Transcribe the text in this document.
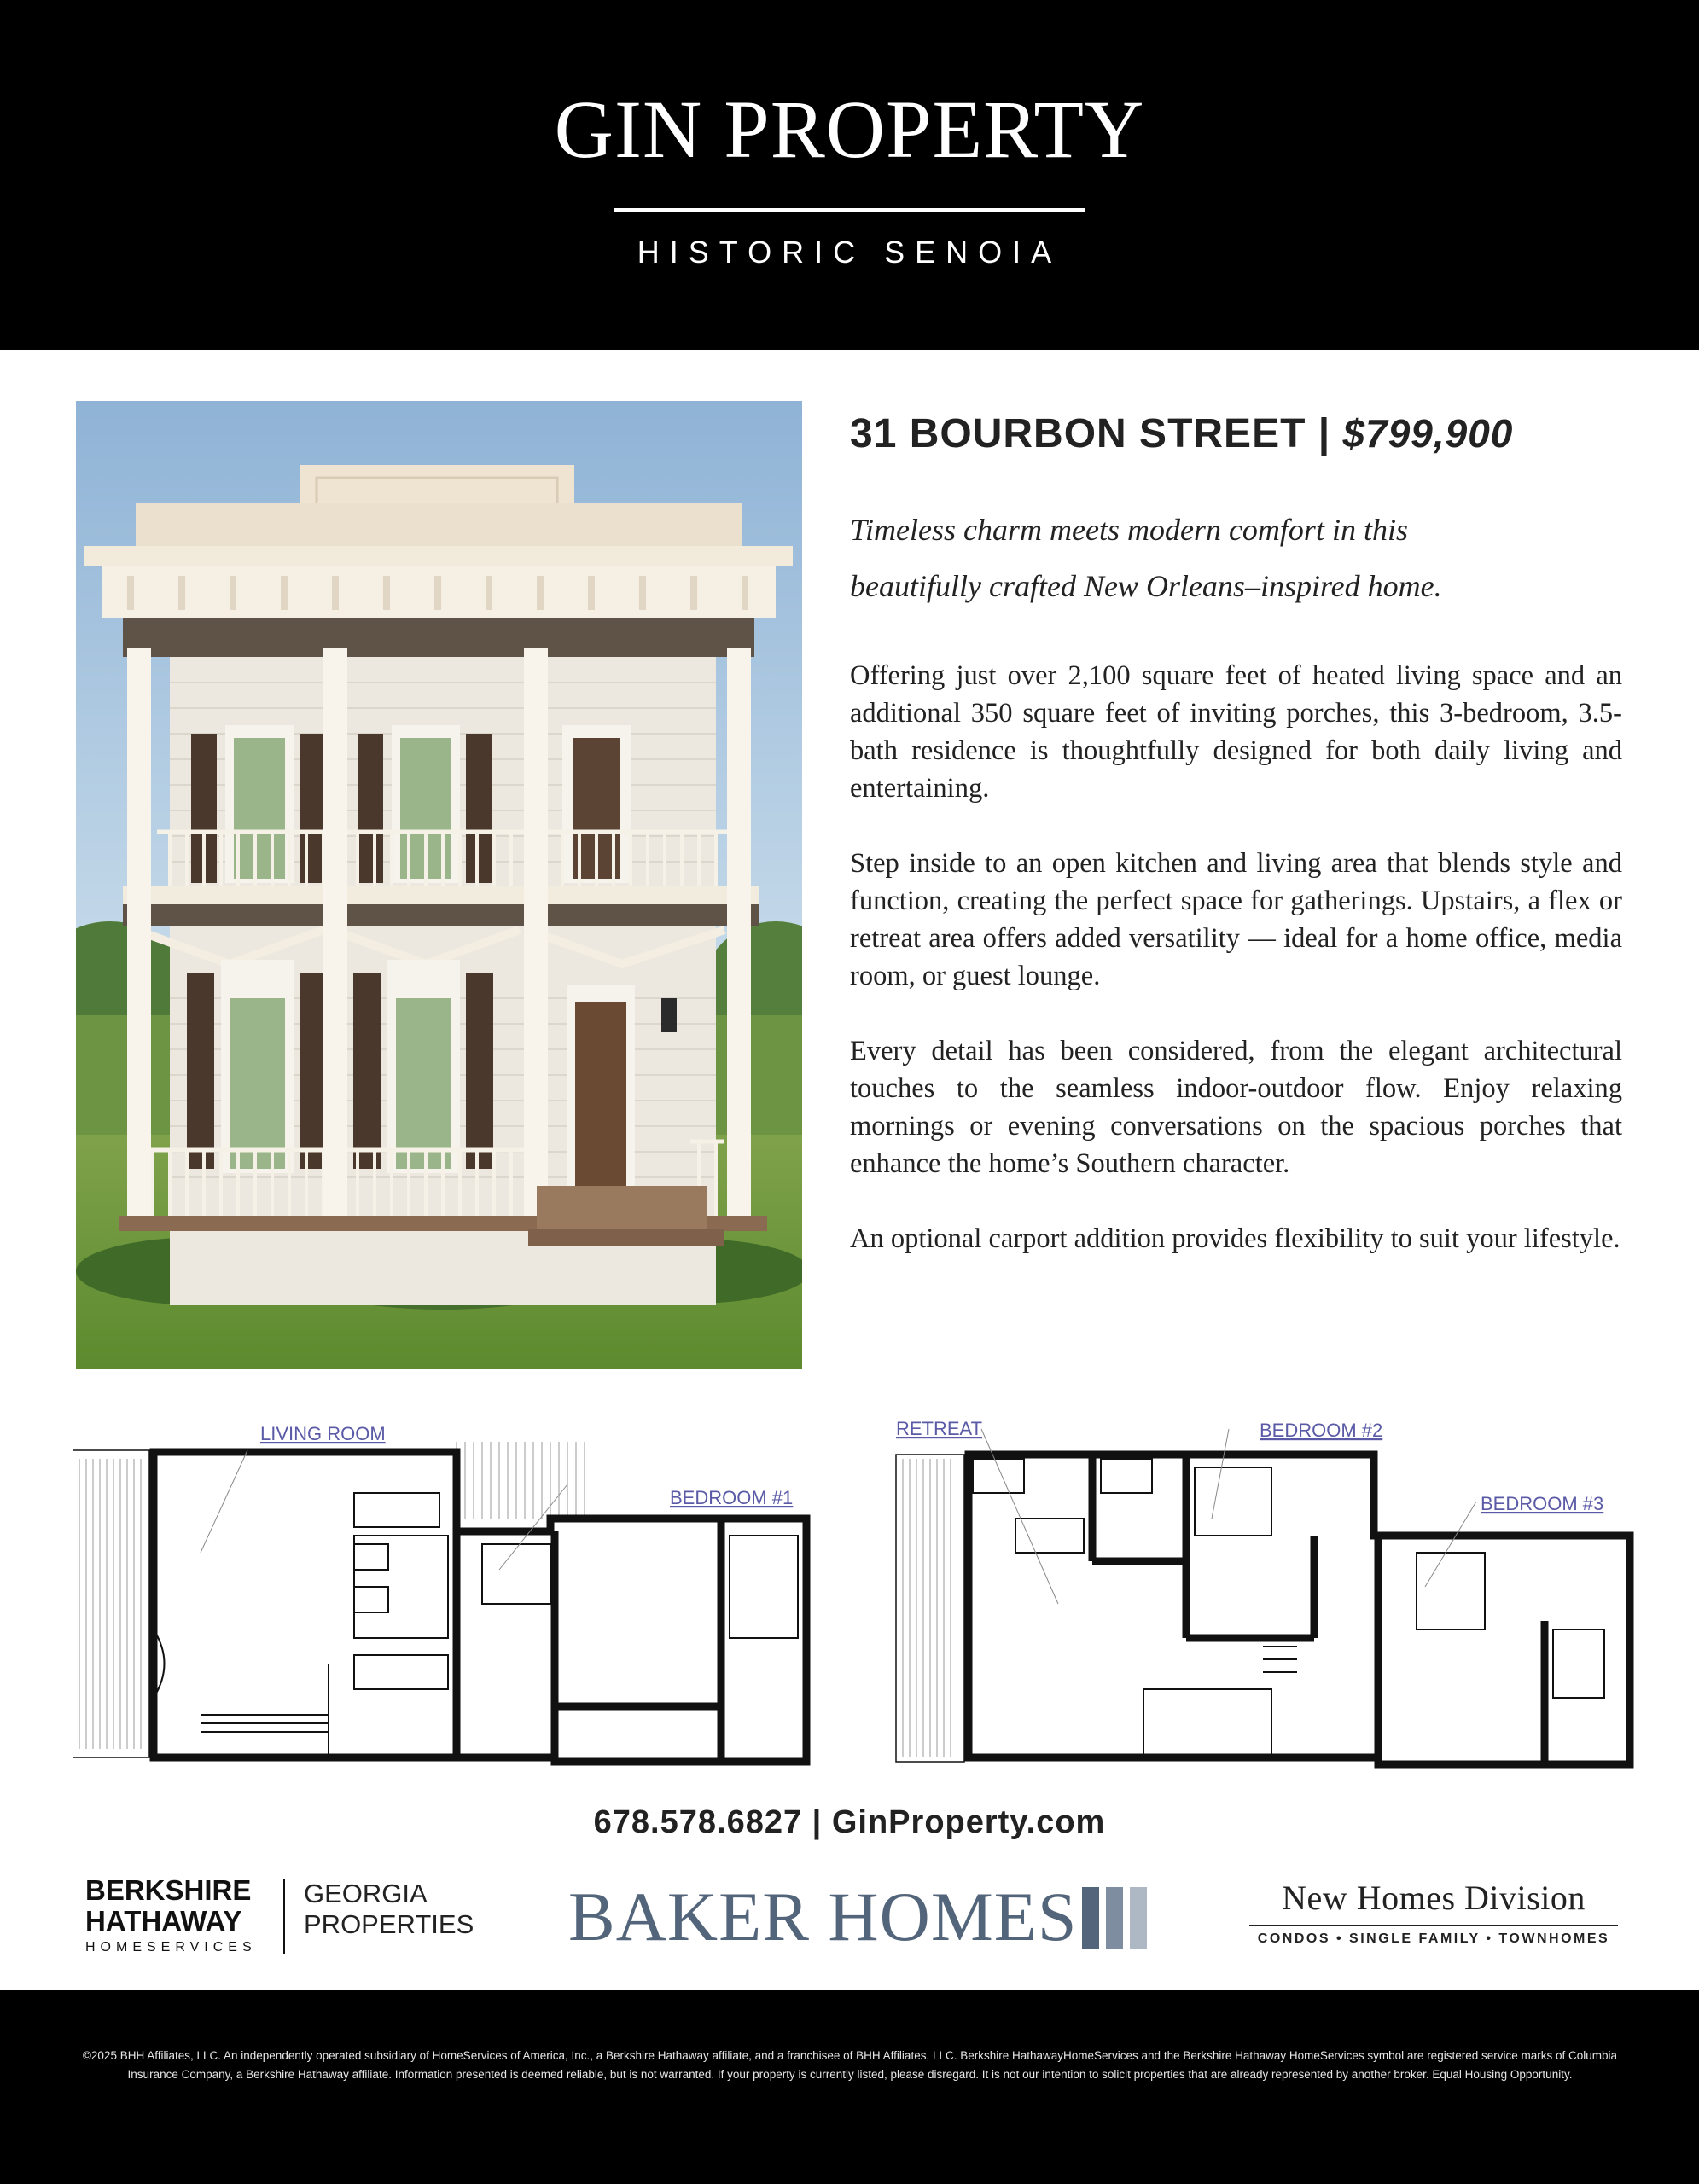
GIN PROPERTY
HISTORIC SENOIA
31 BOURBON STREET | $799,900
Timeless charm meets modern comfort in this
beautifully crafted New Orleans–inspired home.

Offering just over 2,100 square feet of heated living space and an additional 350 square feet of inviting porches, this 3-bedroom, 3.5-bath residence is thoughtfully designed for both daily living and entertaining.

Step inside to an open kitchen and living area that blends style and function, creating the perfect space for gatherings. Upstairs, a flex or retreat area offers added versatility — ideal for a home office, media room, or guest lounge.

Every detail has been considered, from the elegant architectural touches to the seamless indoor-outdoor flow. Enjoy relaxing mornings or evening conversations on the spacious porches that enhance the home’s Southern character.

An optional carport addition provides flexibility to suit your lifestyle.

LIVING ROOM
BEDROOM #1
RETREAT	BEDROOM #2
BEDROOM #3
678.578.6827 | GinProperty.com
BERKSHIRE
HATHAWAY
HOMESERVICES
GEORGIA
PROPERTIES BAKER HOMES	New Homes Division
CONDOS • SINGLE FAMILY • TOWNHOMES
©2025 BHH Affiliates, LLC. An independently operated subsidiary of HomeServices of America, Inc., a Berkshire Hathaway affiliate, and a franchisee of BHH Affiliates, LLC. Berkshire HathawayHomeServices and the Berkshire Hathaway HomeServices symbol are registered service marks of Columbia Insurance Company, a Berkshire Hathaway affiliate. Information presented is deemed reliable, but is not warranted. If your property is currently listed, please disregard. It is not our intention to solicit properties that are already represented by another broker. Equal Housing Opportunity.
